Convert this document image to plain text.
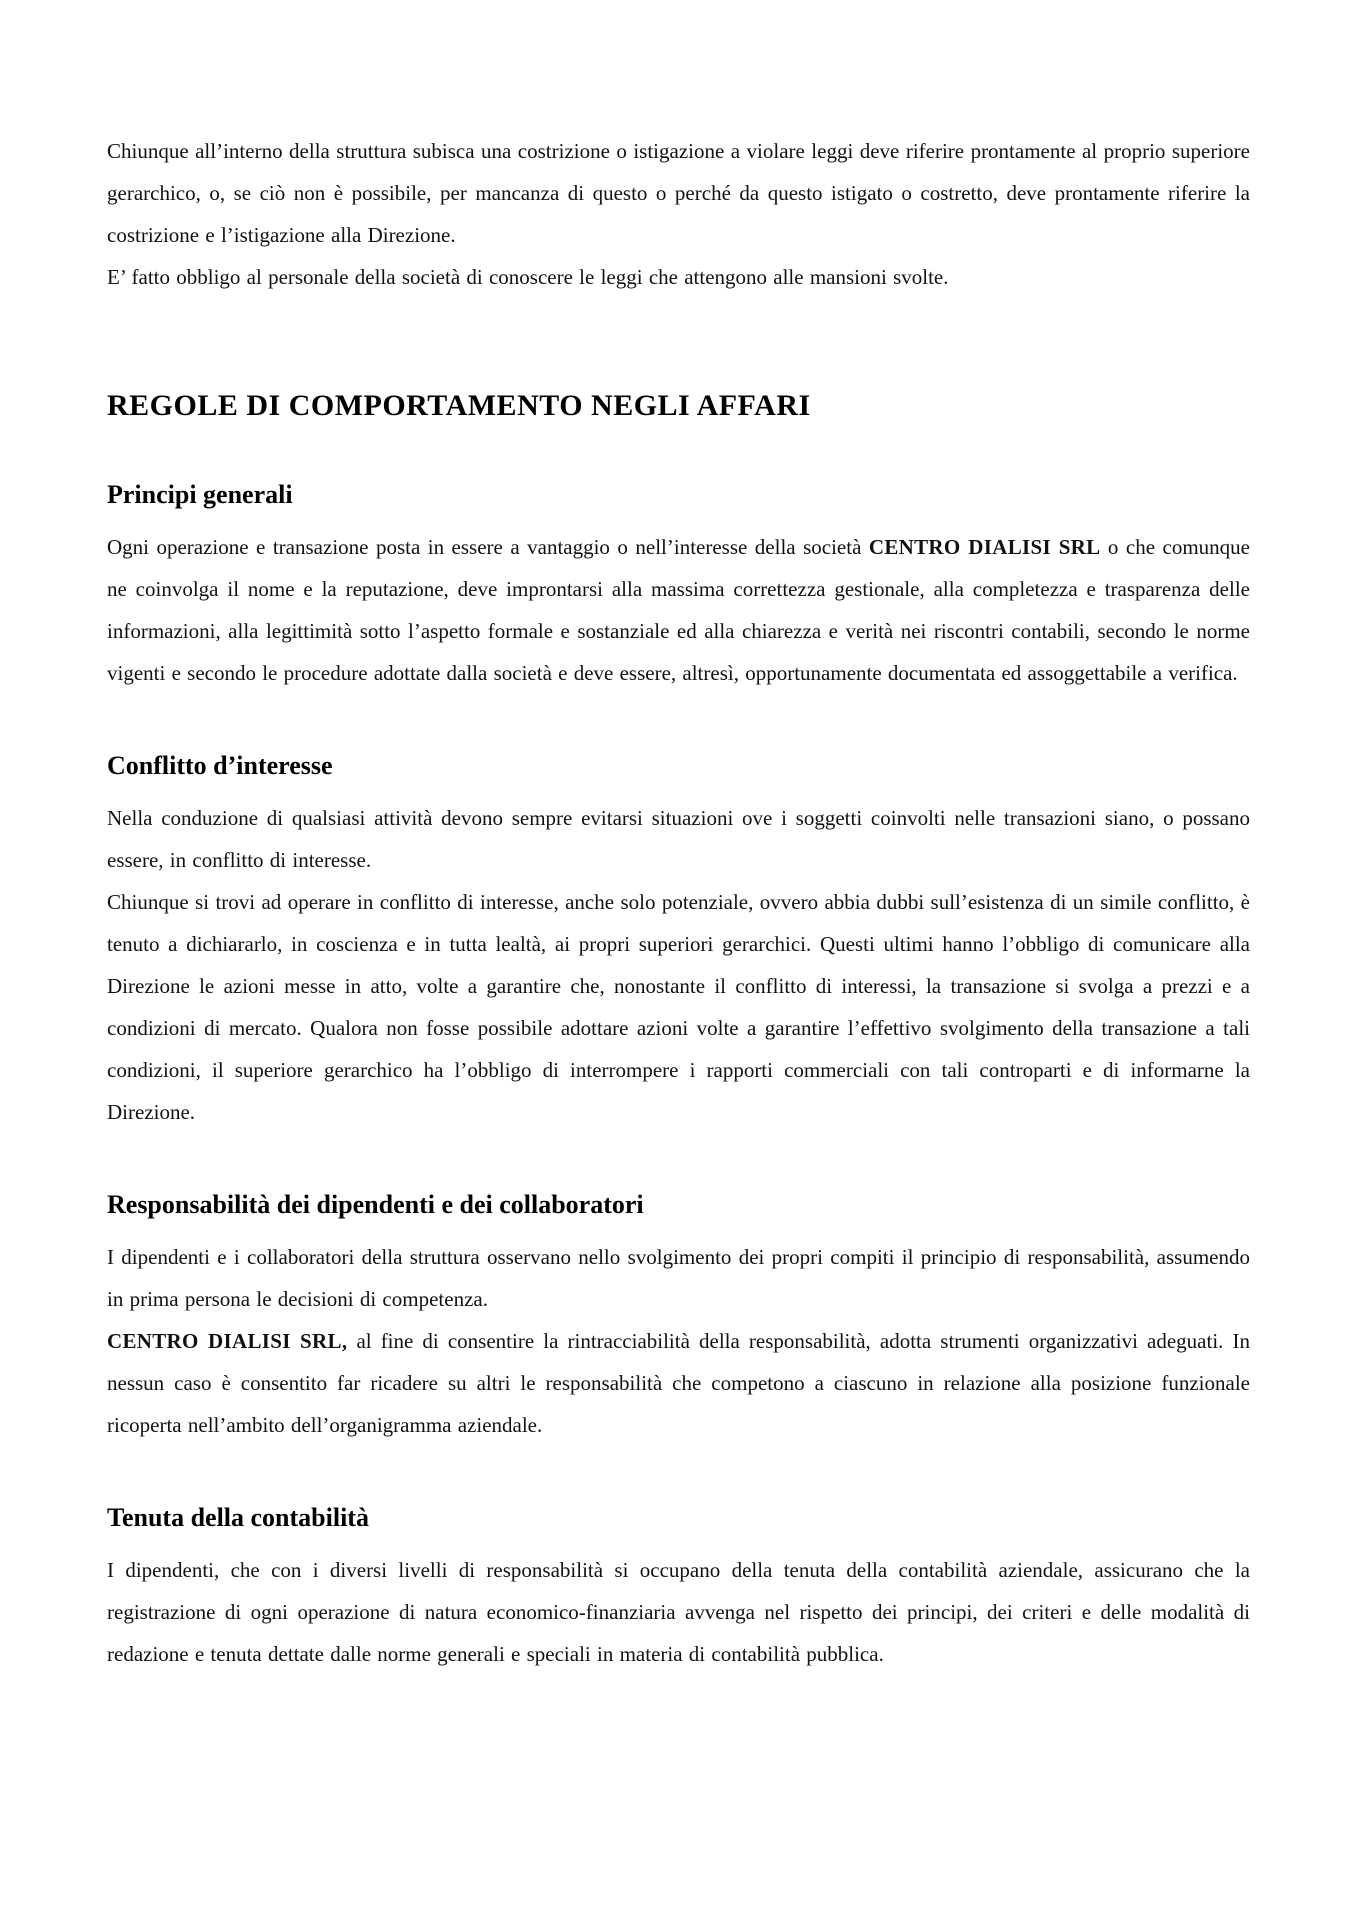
Chiunque all’interno della struttura subisca una costrizione o istigazione a violare leggi deve riferire prontamente al proprio superiore gerarchico, o, se ciò non è possibile, per mancanza di questo o perché da questo istigato o costretto, deve prontamente riferire la costrizione e l’istigazione alla Direzione.

E’ fatto obbligo al personale della società di conoscere le leggi che attengono alle mansioni svolte.

REGOLE DI COMPORTAMENTO NEGLI AFFARI
Principi generali

Ogni operazione e transazione posta in essere a vantaggio o nell’interesse della società CENTRO DIALISI SRL o che comunque ne coinvolga il nome e la reputazione, deve improntarsi alla massima correttezza gestionale, alla completezza e trasparenza delle informazioni, alla legittimità sotto l’aspetto formale e sostanziale ed alla chiarezza e verità nei riscontri contabili, secondo le norme vigenti e secondo le procedure adottate dalla società e deve essere, altresì, opportunamente documentata ed assoggettabile a verifica.

Conflitto d’interesse

Nella conduzione di qualsiasi attività devono sempre evitarsi situazioni ove i soggetti coinvolti nelle transazioni siano, o possano essere, in conflitto di interesse.

Chiunque si trovi ad operare in conflitto di interesse, anche solo potenziale, ovvero abbia dubbi sull’esistenza di un simile conflitto, è tenuto a dichiararlo, in coscienza e in tutta lealtà, ai propri superiori gerarchici. Questi ultimi hanno l’obbligo di comunicare alla Direzione le azioni messe in atto, volte a garantire che, nonostante il conflitto di interessi, la transazione si svolga a prezzi e a condizioni di mercato. Qualora non fosse possibile adottare azioni volte a garantire l’effettivo svolgimento della transazione a tali condizioni, il superiore gerarchico ha l’obbligo di interrompere i rapporti commerciali con tali controparti e di informarne la Direzione.

Responsabilità dei dipendenti e dei collaboratori

I dipendenti e i collaboratori della struttura osservano nello svolgimento dei propri compiti il principio di responsabilità, assumendo in prima persona le decisioni di competenza.

CENTRO DIALISI SRL, al fine di consentire la rintracciabilità della responsabilità, adotta strumenti organizzativi adeguati. In nessun caso è consentito far ricadere su altri le responsabilità che competono a ciascuno in relazione alla posizione funzionale ricoperta nell’ambito dell’organigramma aziendale.

Tenuta della contabilità

I dipendenti, che con i diversi livelli di responsabilità si occupano della tenuta della contabilità aziendale, assicurano che la registrazione di ogni operazione di natura economico-finanziaria avvenga nel rispetto dei principi, dei criteri e delle modalità di redazione e tenuta dettate dalle norme generali e speciali in materia di contabilità pubblica.
